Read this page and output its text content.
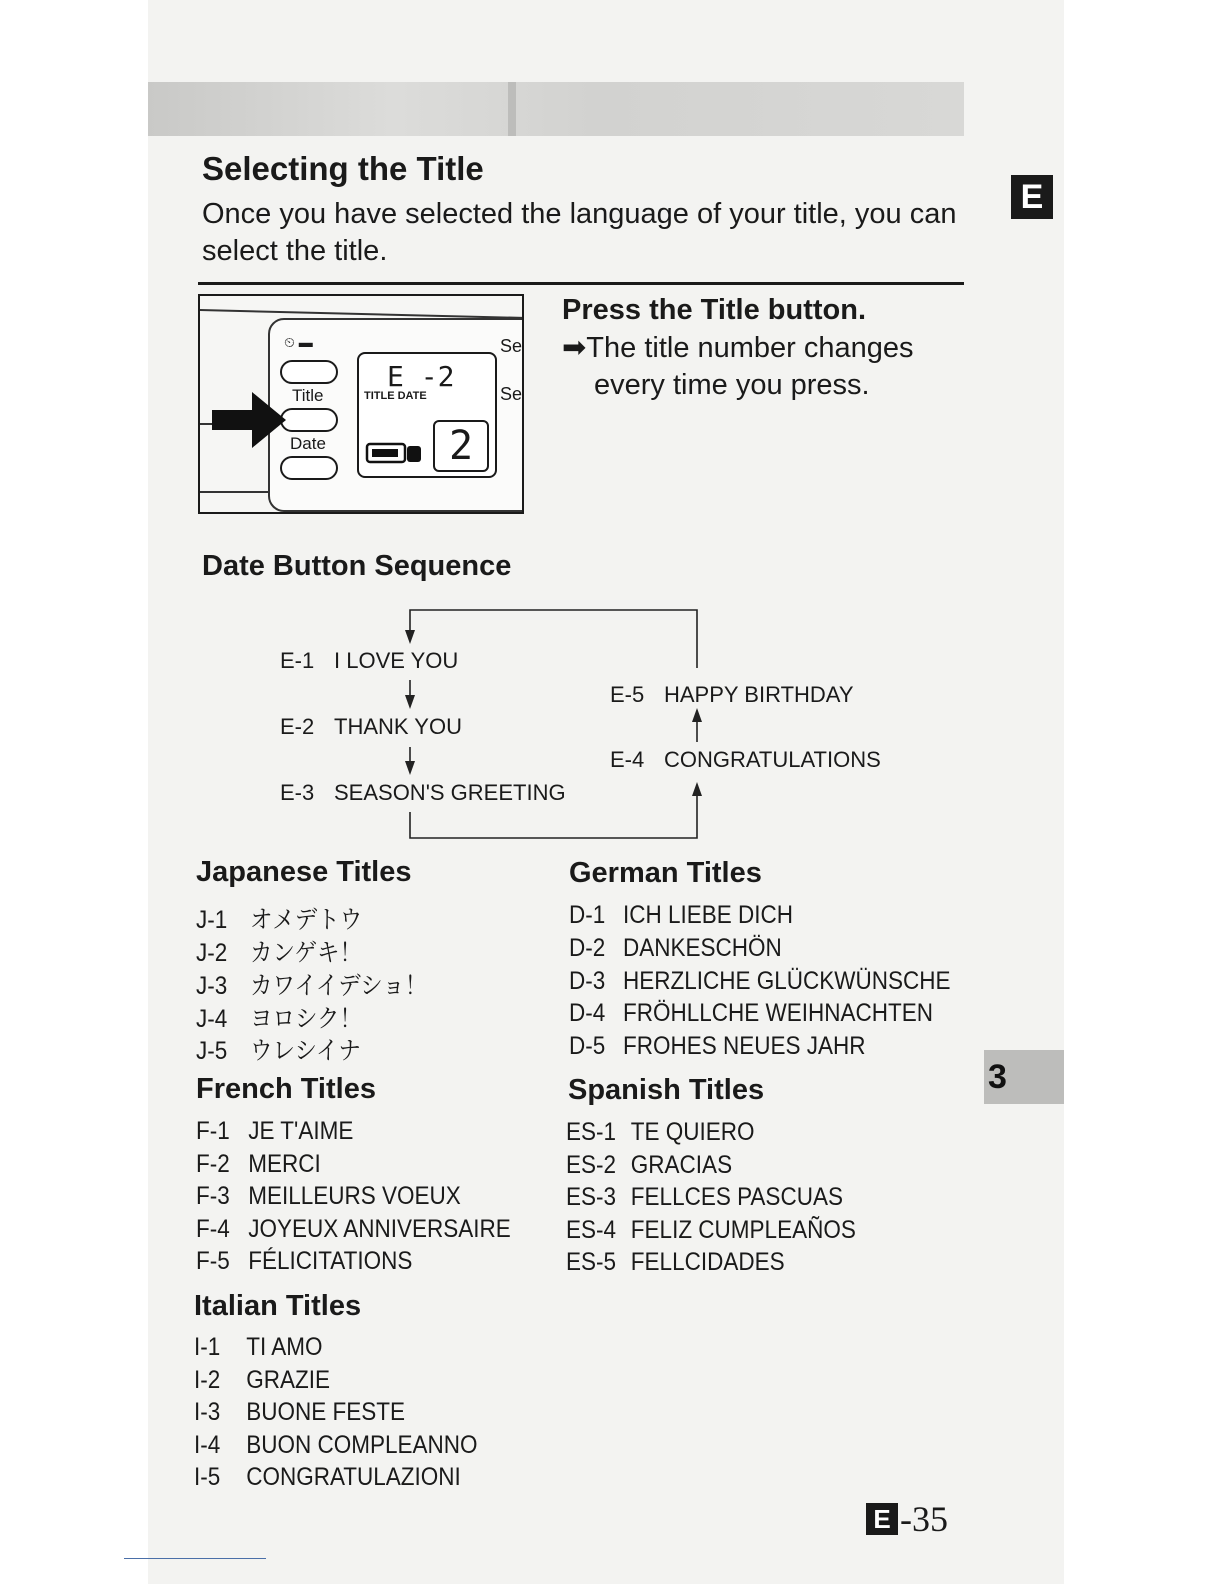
E
3
Selecting the Title

Once you have selected the language of your title, you can select the title.

⏲ ▬
Title
Date
E -2
TITLE DATE
2
Se
Se
Press the Title button.

➡The title number changes
every time you press.

Date Button Sequence
E-1 I LOVE YOU
E-2 THANK YOU
E-3 SEASON'S GREETING
E-4 CONGRATULATIONS
E-5 HAPPY BIRTHDAY
Japanese Titles
J-1 オメデトウ
J-2 カンゲキ！
J-3 カワイイデショ！
J-4 ヨロシク！
J-5 ウレシイナ
German Titles
D-1 ICH LIEBE DICH
D-2 DANKESCHÖN
D-3 HERZLICHE GLÜCKWÜNSCHE
D-4 FRÖHLLCHE WEIHNACHTEN
D-5 FROHES NEUES JAHR
French Titles
F-1 JE T'AIME
F-2 MERCI
F-3 MEILLEURS VOEUX
F-4 JOYEUX ANNIVERSAIRE
F-5 FÉLICITATIONS
Spanish Titles
ES-1 TE QUIERO
ES-2 GRACIAS
ES-3 FELLCES PASCUAS
ES-4 FELIZ CUMPLEAÑOS
ES-5 FELLCIDADES
Italian Titles
I-1 TI AMO
I-2 GRAZIE
I-3 BUONE FESTE
I-4 BUON COMPLEANNO
I-5 CONGRATULAZIONI
E -35
